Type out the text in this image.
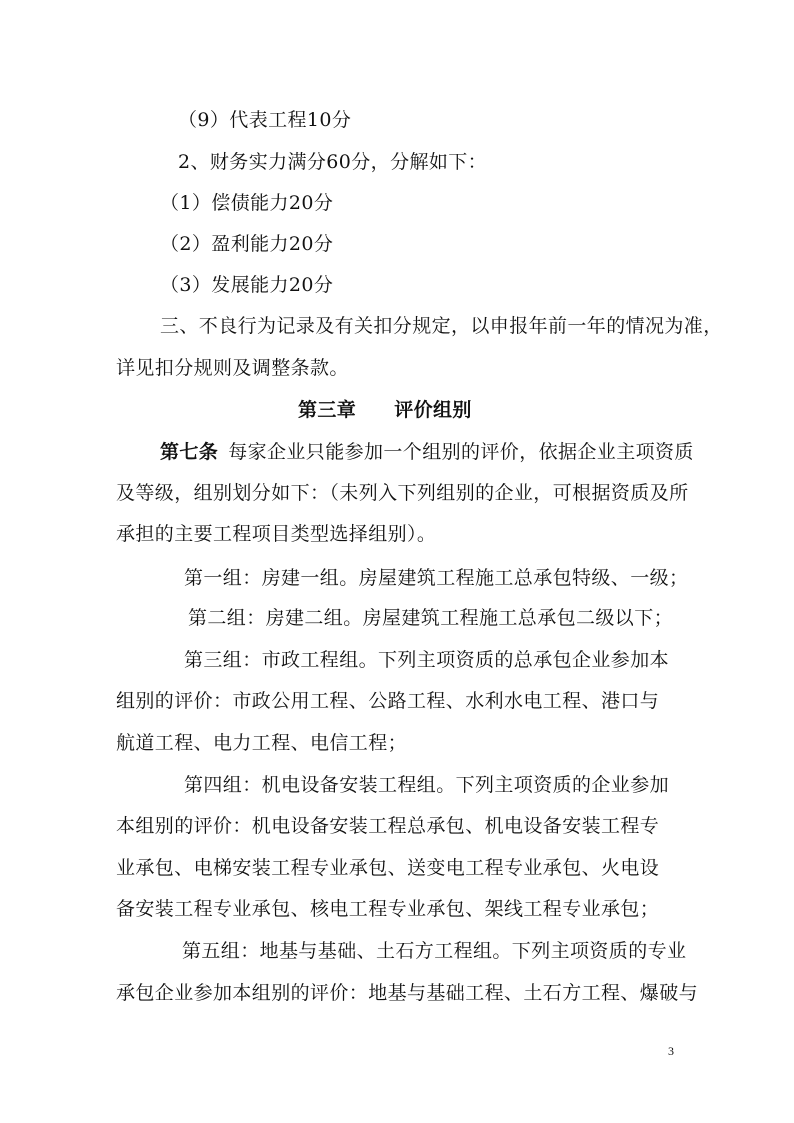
（9）代表工程10分
2、财务实力满分60分，分解如下：
（1）偿债能力20分
（2）盈利能力20分
（3）发展能力20分
三、不良行为记录及有关扣分规定，以申报年前一年的情况为准，
详见扣分规则及调整条款。
第三章 评价组别
第七条 每家企业只能参加一个组别的评价，依据企业主项资质
及等级，组别划分如下：（未列入下列组别的企业，可根据资质及所
承担的主要工程项目类型选择组别）。
第一组：房建一组。房屋建筑工程施工总承包特级、一级；
第二组：房建二组。房屋建筑工程施工总承包二级以下；
第三组：市政工程组。下列主项资质的总承包企业参加本
组别的评价：市政公用工程、公路工程、水利水电工程、港口与
航道工程、电力工程、电信工程；
第四组：机电设备安装工程组。下列主项资质的企业参加
本组别的评价：机电设备安装工程总承包、机电设备安装工程专
业承包、电梯安装工程专业承包、送变电工程专业承包、火电设
备安装工程专业承包、核电工程专业承包、架线工程专业承包；
第五组：地基与基础、土石方工程组。下列主项资质的专业
承包企业参加本组别的评价：地基与基础工程、土石方工程、爆破与
3
